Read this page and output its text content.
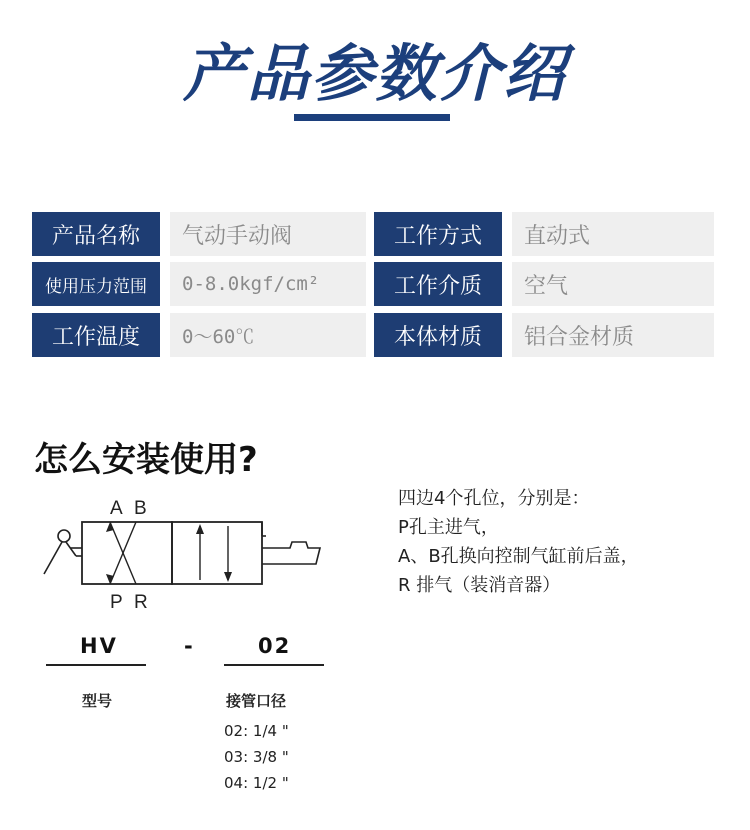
产品参数介绍
产品名称	气动手动阀	工作方式	直动式
使用压力范围	0-8.0kgf/cm²	工作介质	空气
工作温度	0～60℃	本体材质	铝合金材质
怎么安装使用?
A B
P R
四边4个孔位，分别是：
P孔主进气，
A、B孔换向控制气缸前后盖，
R 排气（装消音器）
HV	-	02
型号	接管口径
02: 1/4 "
03: 3/8 "
04: 1/2 "
